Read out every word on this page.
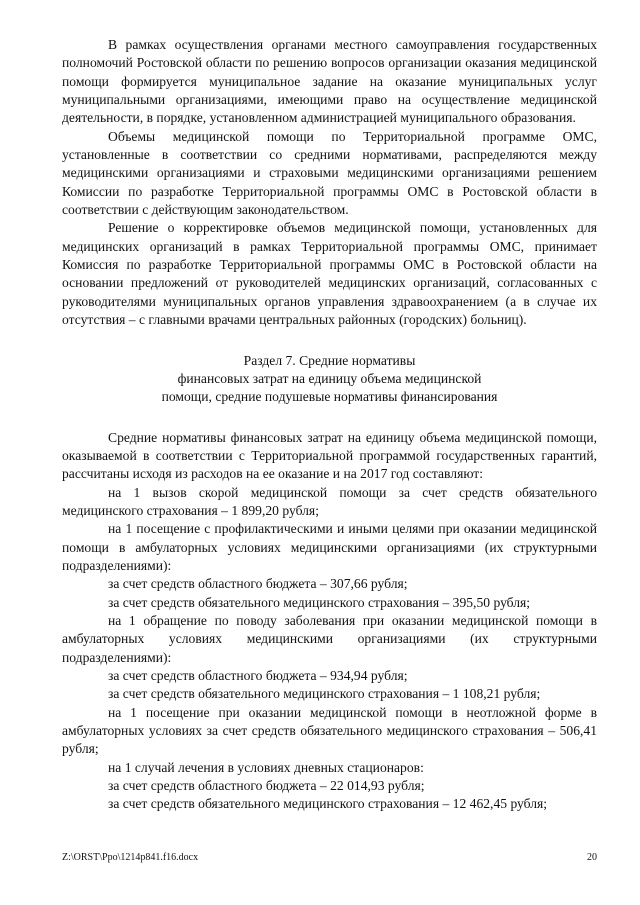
В рамках осуществления органами местного самоуправления государственных полномочий Ростовской области по решению вопросов организации оказания медицинской помощи формируется муниципальное задание на оказание муниципальных услуг муниципальными организациями, имеющими право на осуществление медицинской деятельности, в порядке, установленном администрацией муниципального образования.

Объемы медицинской помощи по Территориальной программе ОМС, установленные в соответствии со средними нормативами, распределяются между медицинскими организациями и страховыми медицинскими организациями решением Комиссии по разработке Территориальной программы ОМС в Ростовской области в соответствии с действующим законодательством.

Решение о корректировке объемов медицинской помощи, установленных для медицинских организаций в рамках Территориальной программы ОМС, принимает Комиссия по разработке Территориальной программы ОМС в Ростовской области на основании предложений от руководителей медицинских организаций, согласованных с руководителями муниципальных органов управления здравоохранением (а в случае их отсутствия – с главными врачами центральных районных (городских) больниц).

Раздел 7. Средние нормативы
финансовых затрат на единицу объема медицинской
помощи, средние подушевые нормативы финансирования

Средние нормативы финансовых затрат на единицу объема медицинской помощи, оказываемой в соответствии с Территориальной программой государственных гарантий, рассчитаны исходя из расходов на ее оказание и на 2017 год составляют:

на 1 вызов скорой медицинской помощи за счет средств обязательного медицинского страхования – 1 899,20 рубля;

на 1 посещение с профилактическими и иными целями при оказании медицинской помощи в амбулаторных условиях медицинскими организациями (их структурными подразделениями):

за счет средств областного бюджета – 307,66 рубля;

за счет средств обязательного медицинского страхования – 395,50 рубля;

на 1 обращение по поводу заболевания при оказании медицинской помощи в амбулаторных условиях медицинскими организациями (их структурными подразделениями):

за счет средств областного бюджета – 934,94 рубля;

за счет средств обязательного медицинского страхования – 1 108,21 рубля;

на 1 посещение при оказании медицинской помощи в неотложной форме в амбулаторных условиях за счет средств обязательного медицинского страхования – 506,41 рубля;

на 1 случай лечения в условиях дневных стационаров:

за счет средств областного бюджета – 22 014,93 рубля;

за счет средств обязательного медицинского страхования – 12 462,45 рубля;

Z:\ORST\Ppo\1214p841.f16.docx	20
